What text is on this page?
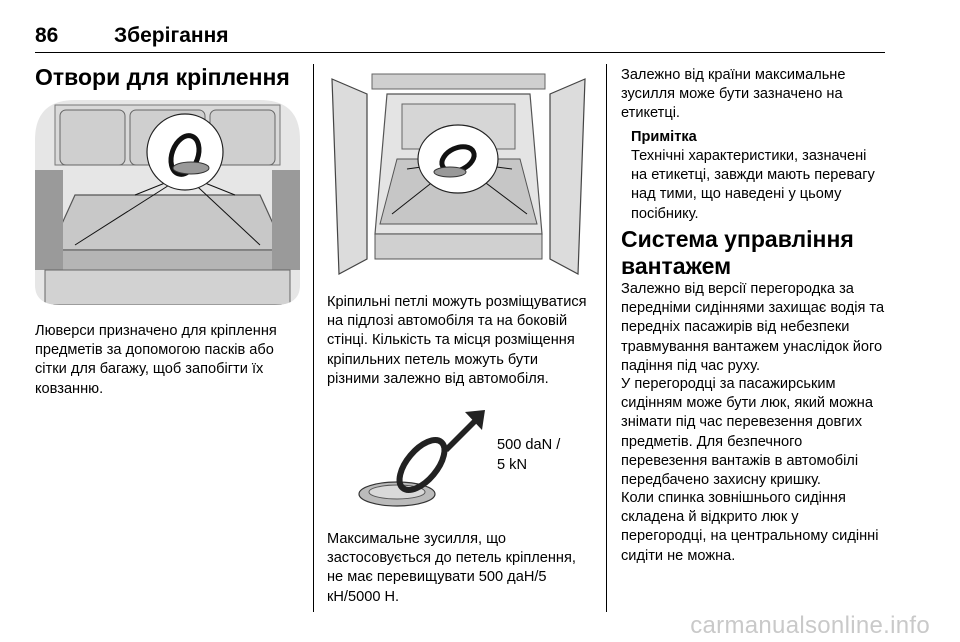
86	Зберігання
Отвори для кріплення

Люверси призначено для кріплення предметів за допомогою пасків або сітки для багажу, щоб запобігти їх ковзанню.

Кріпильні петлі можуть розміщуватися на підлозі автомобіля та на боковій стінці. Кількість та місця розміщення кріпильних петель можуть бути різними залежно від автомобіля.

500 daN /
5 kN

Максимальне зусилля, що застосовується до петель кріплення, не має перевищувати 500 даН/5 кН/5000 Н.

Залежно від країни максимальне зусилля може бути зазначено на етикетці.

Примітка

Технічні характеристики, зазначені на етикетці, завжди мають перевагу над тими, що наведені у цьому посібнику.

Система управління вантажем

Залежно від версії перегородка за передніми сидіннями захищає водія та передніх пасажирів від небезпеки травмування вантажем унаслідок його падіння під час руху.

У перегородці за пасажирським сидінням може бути люк, який можна знімати під час перевезення довгих предметів. Для безпечного перевезення вантажів в автомобілі передбачено захисну кришку.

Коли спинка зовнішнього сидіння складена й відкрито люк у перегородці, на центральному сидінні сидіти не можна.

carmanualsonline.info
